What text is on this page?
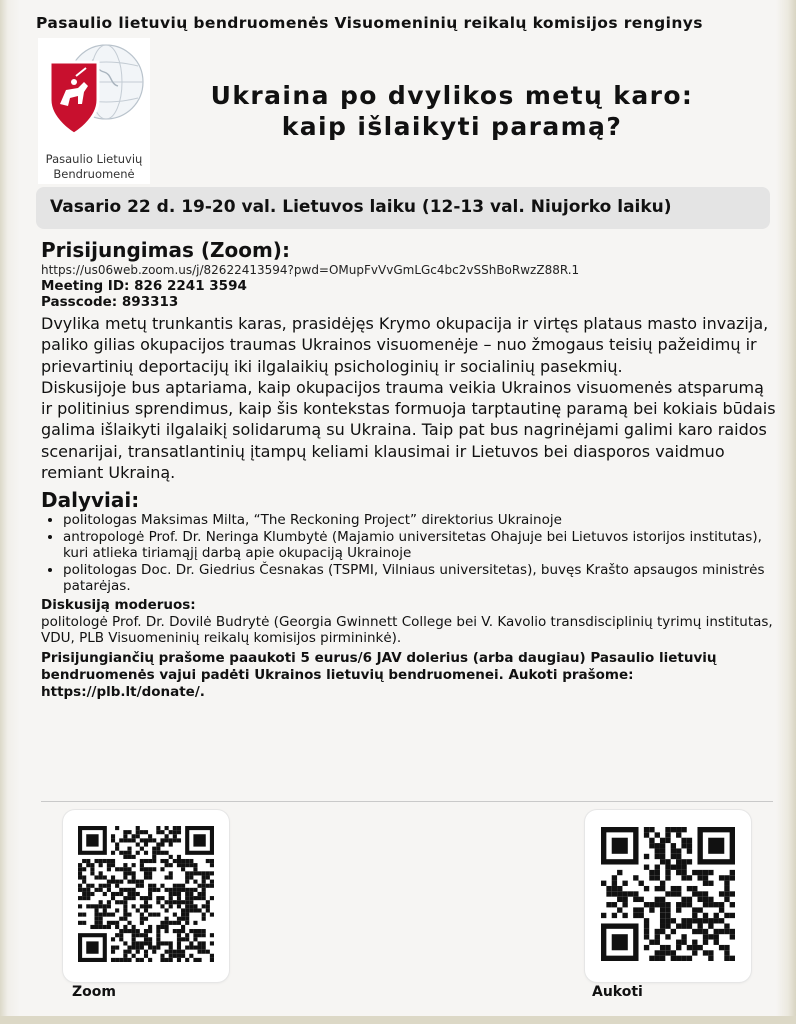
Pasaulio lietuvių bendruomenės Visuomeninių reikalų komisijos renginys
Pasaulio Lietuvių
Bendruomenė
Ukraina po dvylikos metų karo:
kaip išlaikyti paramą?
Vasario 22 d. 19-20 val. Lietuvos laiku (12-13 val. Niujorko laiku)
Prisijungimas (Zoom):
https://us06web.zoom.us/j/82622413594?pwd=OMupFvVvGmLGc4bc2vSShBoRwzZ88R.1
Meeting ID: 826 2241 3594
Passcode: 893313
Dvylika metų trunkantis karas, prasidėjęs Krymo okupacija ir virtęs plataus masto invazija, paliko gilias okupacijos traumas Ukrainos visuomenėje – nuo žmogaus teisių pažeidimų ir prievartinių deportacijų iki ilgalaikių psichologinių ir socialinių pasekmių.
Diskusijoje bus aptariama, kaip okupacijos trauma veikia Ukrainos visuomenės atsparumą ir politinius sprendimus, kaip šis kontekstas formuoja tarptautinę paramą bei kokiais būdais galima išlaikyti ilgalaikį solidarumą su Ukraina. Taip pat bus nagrinėjami galimi karo raidos scenarijai, transatlantinių įtampų keliami klausimai ir Lietuvos bei diasporos vaidmuo remiant Ukrainą.
Dalyviai:
• politologas Maksimas Milta, “The Reckoning Project” direktorius Ukrainoje
• antropologė Prof. Dr. Neringa Klumbytė (Majamio universitetas Ohajuje bei Lietuvos istorijos institutas), kuri atlieka tiriamąjį darbą apie okupaciją Ukrainoje
• politologas Doc. Dr. Giedrius Česnakas (TSPMI, Vilniaus universitetas), buvęs Krašto apsaugos ministrės patarėjas.
Diskusiją moderuos:
politologė Prof. Dr. Dovilė Budrytė (Georgia Gwinnett College bei V. Kavolio transdisciplinių tyrimų institutas, VDU, PLB Visuomeninių reikalų komisijos pirmininkė).
Prisijungiančių prašome paaukoti 5 eurus/6 JAV dolerius (arba daugiau) Pasaulio lietuvių bendruomenės vajui padėti Ukrainos lietuvių bendruomenei. Aukoti prašome: https://plb.lt/donate/.
Zoom	Aukoti
